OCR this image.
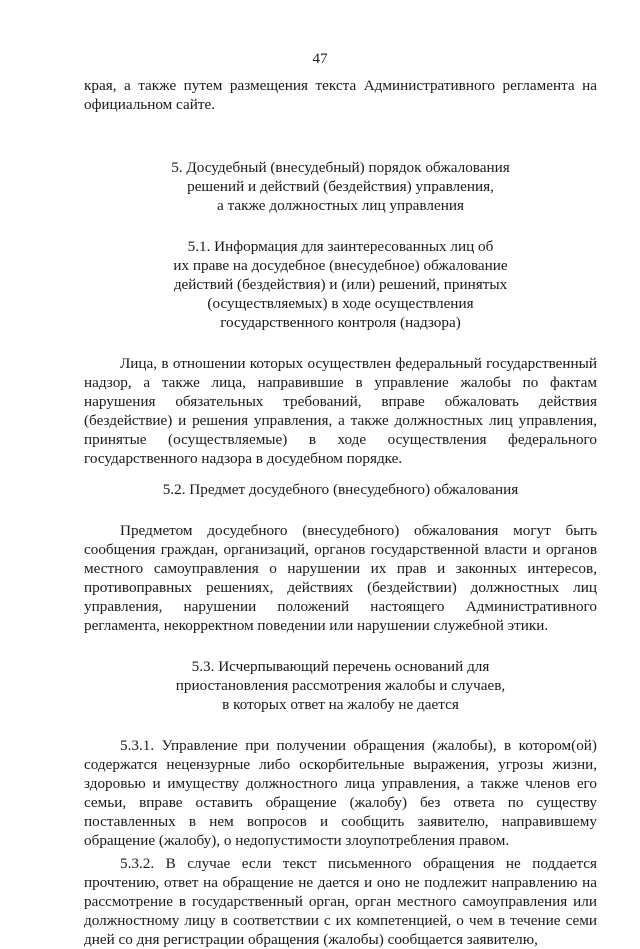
47

края, а также путем размещения текста Административного регламента на официальном сайте.

5. Досудебный (внесудебный) порядок обжалования
решений и действий (бездействия) управления,
а также должностных лиц управления
5.1. Информация для заинтересованных лиц об
их праве на досудебное (внесудебное) обжалование
действий (бездействия) и (или) решений, принятых
(осуществляемых) в ходе осуществления
государственного контроля (надзора)

Лица, в отношении которых осуществлен федеральный государственный надзор, а также лица, направившие в управление жалобы по фактам нарушения обязательных требований, вправе обжаловать действия (бездействие) и решения управления, а также должностных лиц управления, принятые (осуществляемые) в ходе осуществления федерального государственного надзора в досудебном порядке.

5.2. Предмет досудебного (внесудебного) обжалования

Предметом досудебного (внесудебного) обжалования могут быть сообщения граждан, организаций, органов государственной власти и органов местного самоуправления о нарушении их прав и законных интересов, противоправных решениях, действиях (бездействии) должностных лиц управления, нарушении положений настоящего Административного регламента, некорректном поведении или нарушении служебной этики.

5.3. Исчерпывающий перечень оснований для
приостановления рассмотрения жалобы и случаев,
в которых ответ на жалобу не дается

5.3.1. Управление при получении обращения (жалобы), в котором(ой) содержатся нецензурные либо оскорбительные выражения, угрозы жизни, здоровью и имуществу должностного лица управления, а также членов его семьи, вправе оставить обращение (жалобу) без ответа по существу поставленных в нем вопросов и сообщить заявителю, направившему обращение (жалобу), о недопустимости злоупотребления правом.

5.3.2. В случае если текст письменного обращения не поддается прочтению, ответ на обращение не дается и оно не подлежит направлению на рассмотрение в государственный орган, орган местного самоуправления или должностному лицу в соответствии с их компетенцией, о чем в течение семи дней со дня регистрации обращения (жалобы) сообщается заявителю,
